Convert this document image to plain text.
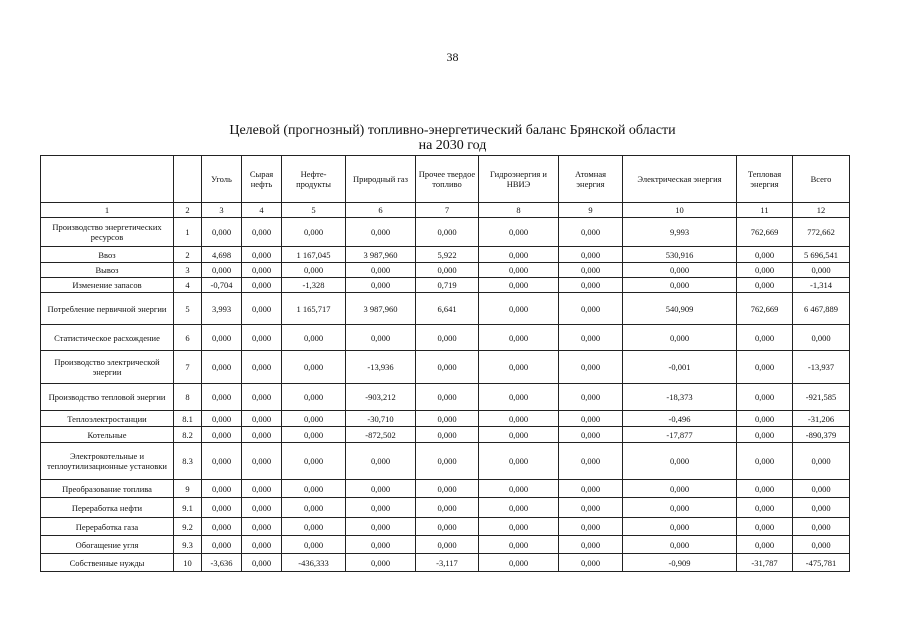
38
Целевой (прогнозный) топливно-энергетический баланс Брянской области
на 2030 год
		Уголь	Сырая нефть	Нефте-продукты	Природный газ	Прочее твердое топливо	Гидроэнергия и НВИЭ	Атомная энергия	Электрическая энергия	Тепловая энергия	Всего
1	2	3	4	5	6	7	8	9	10	11	12
Производство энергетических ресурсов	1	0,000	0,000	0,000	0,000	0,000	0,000	0,000	9,993	762,669	772,662
Ввоз	2	4,698	0,000	1 167,045	3 987,960	5,922	0,000	0,000	530,916	0,000	5 696,541
Вывоз	3	0,000	0,000	0,000	0,000	0,000	0,000	0,000	0,000	0,000	0,000
Изменение запасов	4	-0,704	0,000	-1,328	0,000	0,719	0,000	0,000	0,000	0,000	-1,314
Потребление первичной энергии	5	3,993	0,000	1 165,717	3 987,960	6,641	0,000	0,000	540,909	762,669	6 467,889
Статистическое расхождение	6	0,000	0,000	0,000	0,000	0,000	0,000	0,000	0,000	0,000	0,000
Производство электрической энергии	7	0,000	0,000	0,000	-13,936	0,000	0,000	0,000	-0,001	0,000	-13,937
Производство тепловой энергии	8	0,000	0,000	0,000	-903,212	0,000	0,000	0,000	-18,373	0,000	-921,585
Теплоэлектростанции	8.1	0,000	0,000	0,000	-30,710	0,000	0,000	0,000	-0,496	0,000	-31,206
Котельные	8.2	0,000	0,000	0,000	-872,502	0,000	0,000	0,000	-17,877	0,000	-890,379
Электрокотельные и теплоутилизационные установки	8.3	0,000	0,000	0,000	0,000	0,000	0,000	0,000	0,000	0,000	0,000
Преобразование топлива	9	0,000	0,000	0,000	0,000	0,000	0,000	0,000	0,000	0,000	0,000
Переработка нефти	9.1	0,000	0,000	0,000	0,000	0,000	0,000	0,000	0,000	0,000	0,000
Переработка газа	9.2	0,000	0,000	0,000	0,000	0,000	0,000	0,000	0,000	0,000	0,000
Обогащение угля	9.3	0,000	0,000	0,000	0,000	0,000	0,000	0,000	0,000	0,000	0,000
Собственные нужды	10	-3,636	0,000	-436,333	0,000	-3,117	0,000	0,000	-0,909	-31,787	-475,781
